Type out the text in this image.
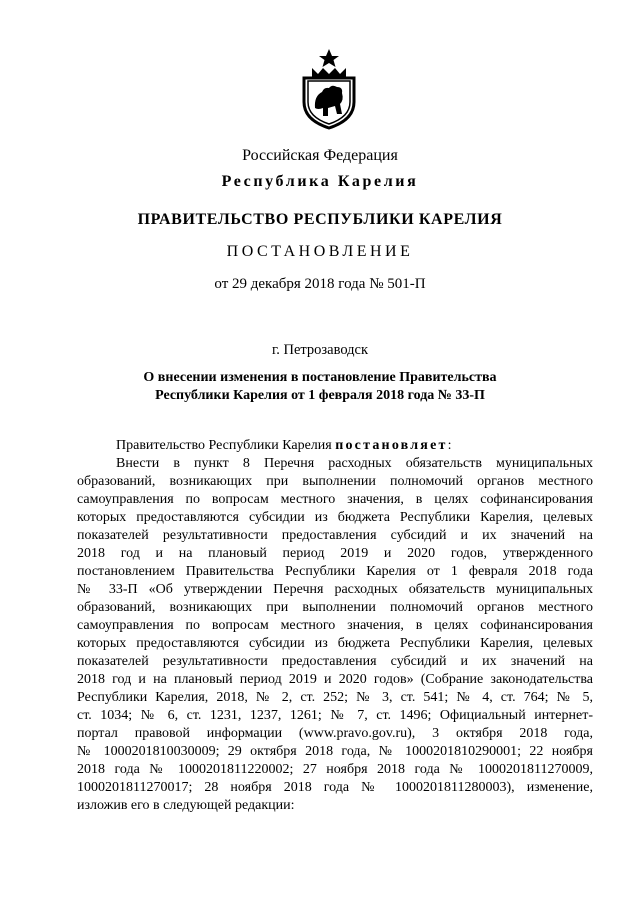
Российская Федерация
Республика Карелия
ПРАВИТЕЛЬСТВО РЕСПУБЛИКИ КАРЕЛИЯ
ПОСТАНОВЛЕНИЕ
от 29 декабря 2018 года № 501-П
г. Петрозаводск
О внесении изменения в постановление Правительства
Республики Карелия от 1 февраля 2018 года № 33-П
Правительство Республики Карелия постановляет:
Внести в пункт 8 Перечня расходных обязательств муниципальных
образований, возникающих при выполнении полномочий органов местного
самоуправления по вопросам местного значения, в целях софинансирования
которых предоставляются субсидии из бюджета Республики Карелия, целевых
показателей результативности предоставления субсидий и их значений на
2018 год и на плановый период 2019 и 2020 годов, утвержденного
постановлением Правительства Республики Карелия от 1 февраля 2018 года
№ 33-П «Об утверждении Перечня расходных обязательств муниципальных
образований, возникающих при выполнении полномочий органов местного
самоуправления по вопросам местного значения, в целях софинансирования
которых предоставляются субсидии из бюджета Республики Карелия, целевых
показателей результативности предоставления субсидий и их значений на
2018 год и на плановый период 2019 и 2020 годов» (Собрание законодательства
Республики Карелия, 2018, № 2, ст. 252; № 3, ст. 541; № 4, ст. 764; № 5,
ст. 1034; № 6, ст. 1231, 1237, 1261; № 7, ст. 1496; Официальный интернет-
портал правовой информации (www.pravo.gov.ru), 3 октября 2018 года,
№ 1000201810030009; 29 октября 2018 года, № 1000201810290001; 22 ноября
2018 года № 1000201811220002; 27 ноября 2018 года № 1000201811270009,
1000201811270017; 28 ноября 2018 года № 1000201811280003), изменение,
изложив его в следующей редакции:
